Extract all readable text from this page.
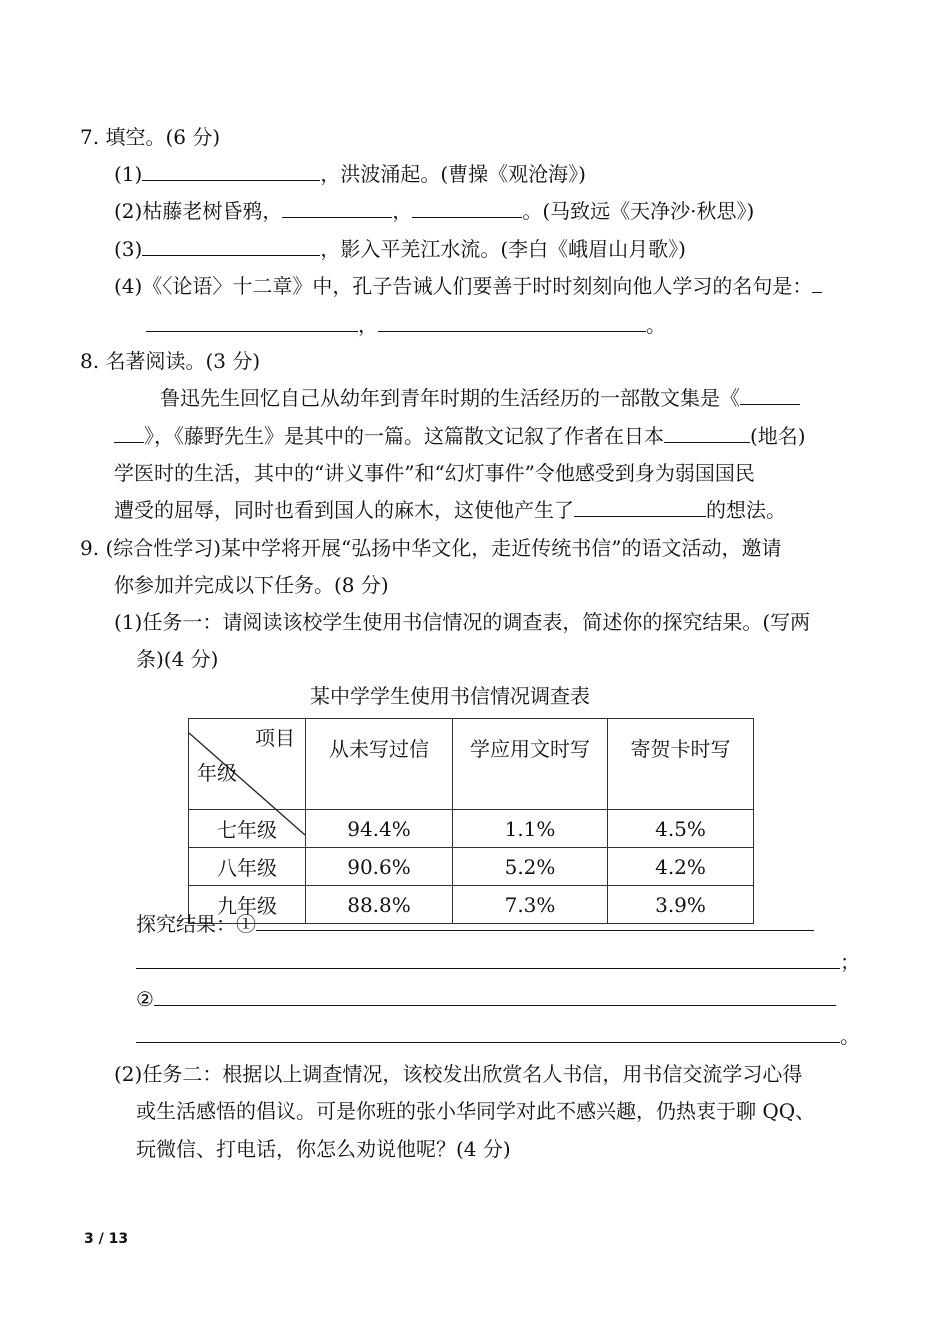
7. 填空。(6 分)
(1)	，洪波涌起。(曹操《观沧海》)
(2)枯藤老树昏鸦，	，	。(马致远《天净沙·秋思》)
(3)	，影入平羌江水流。(李白《峨眉山月歌》)
(4)《〈论语〉十二章》中，孔子告诫人们要善于时时刻刻向他人学习的名句是：
，	。
8. 名著阅读。(3 分)
鲁迅先生回忆自己从幼年到青年时期的生活经历的一部散文集是《
》，《藤野先生》是其中的一篇。这篇散文记叙了作者在日本	(地名)
学医时的生活，其中的“讲义事件”和“幻灯事件”令他感受到身为弱国国民
遭受的屈辱，同时也看到国人的麻木，这使他产生了	的想法。
9. (综合性学习)某中学将开展“弘扬中华文化，走近传统书信”的语文活动，邀请
你参加并完成以下任务。(8 分)
(1)任务一：请阅读该校学生使用书信情况的调查表，简述你的探究结果。(写两
条)(4 分)
某中学学生使用书信情况调查表
项目
年级	从未写过信	学应用文时写	寄贺卡时写
七年级	94.4%	1.1%	4.5%
八年级	90.6%	5.2%	4.2%
九年级	88.8%	7.3%	3.9%
探究结果：①
；
②
。
(2)任务二：根据以上调查情况，该校发出欣赏名人书信，用书信交流学习心得
或生活感悟的倡议。可是你班的张小华同学对此不感兴趣，仍热衷于聊 QQ、
玩微信、打电话，你怎么劝说他呢？(4 分)
3 / 13
